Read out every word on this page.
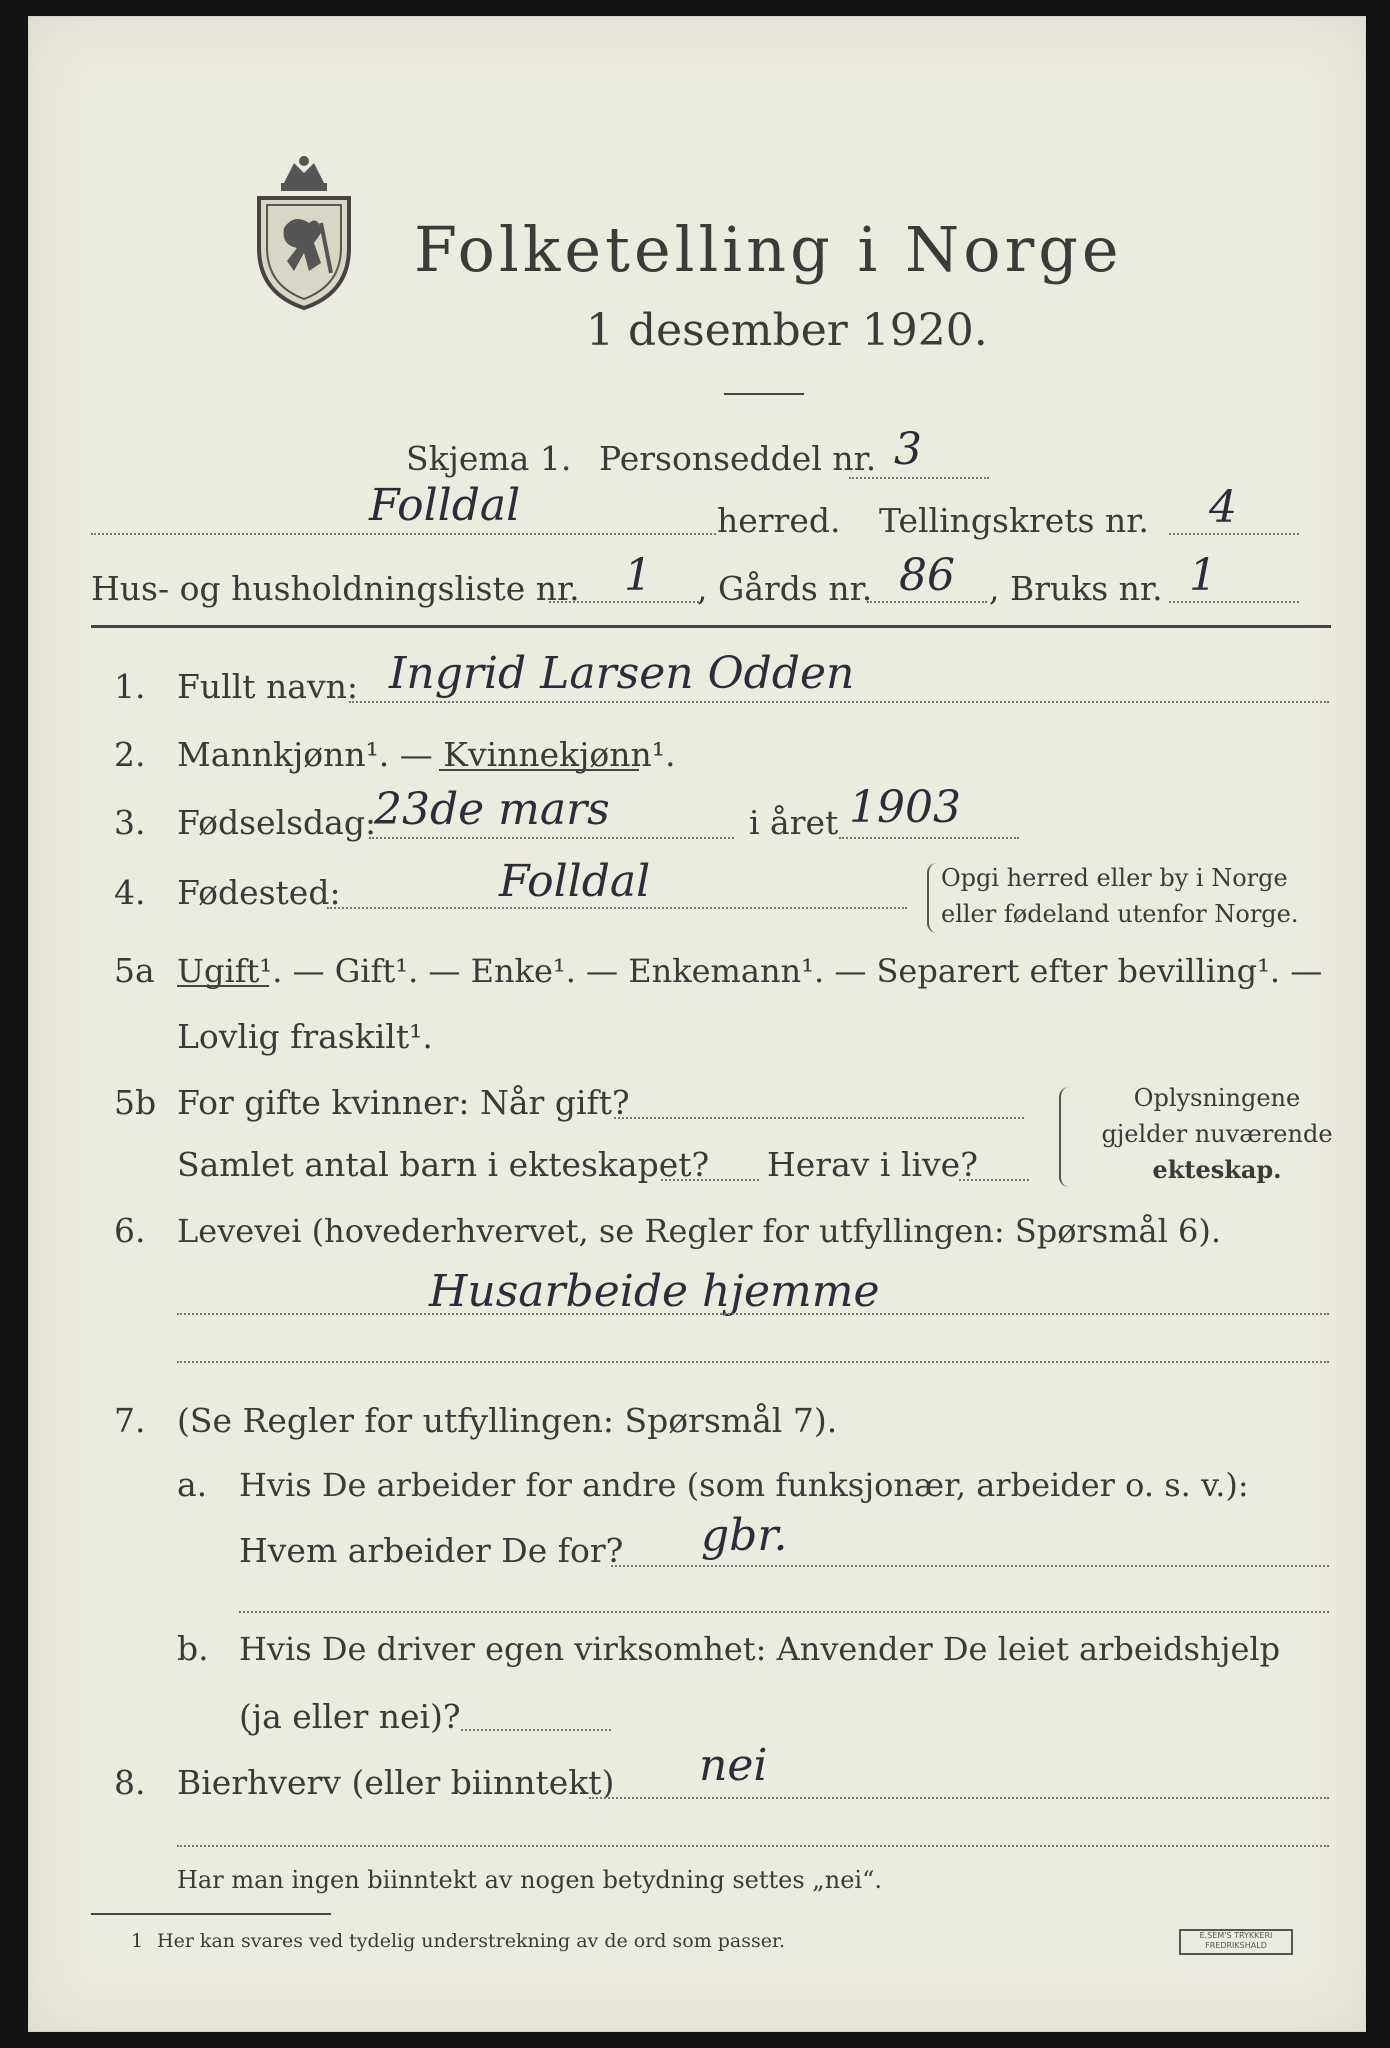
Folketelling i Norge
1 desember 1920.
Skjema 1. Personseddel nr. 3
Folldal	herred. Tellingskrets nr. 4
Hus- og husholdningsliste nr. 1 , Gårds nr. 86 , Bruks nr. 1
1. Fullt navn: Ingrid Larsen Odden
2. Mannkjønn¹. — Kvinnekjønn¹.
3. Fødselsdag:
23de mars	i året 1903
4. Fødested:	Folldal	Opgi herred eller by i Norge
eller fødeland utenfor Norge.
5a Ugift¹. — Gift¹. — Enke¹. — Enkemann¹. — Separert efter bevilling¹. —
Lovlig fraskilt¹.
5b For gifte kvinner: Når gift?
Samlet antal barn i ekteskapet? Herav i live?
Oplysningene
gjelder nuværende
ekteskap.
6. Levevei (hovederhvervet, se Regler for utfyllingen: Spørsmål 6).
Husarbeide hjemme
7. (Se Regler for utfyllingen: Spørsmål 7).
a. Hvis De arbeider for andre (som funksjonær, arbeider o. s. v.):
Hvem arbeider De for? gbr.
b. Hvis De driver egen virksomhet: Anvender De leiet arbeidshjelp
(ja eller nei)?
8. Bierhverv (eller biinntekt) nei
Har man ingen biinntekt av nogen betydning settes „nei“.
1 Her kan svares ved tydelig understrekning av de ord som passer.	E.SEM'S TRYKKERI
FREDRIKSHALD
